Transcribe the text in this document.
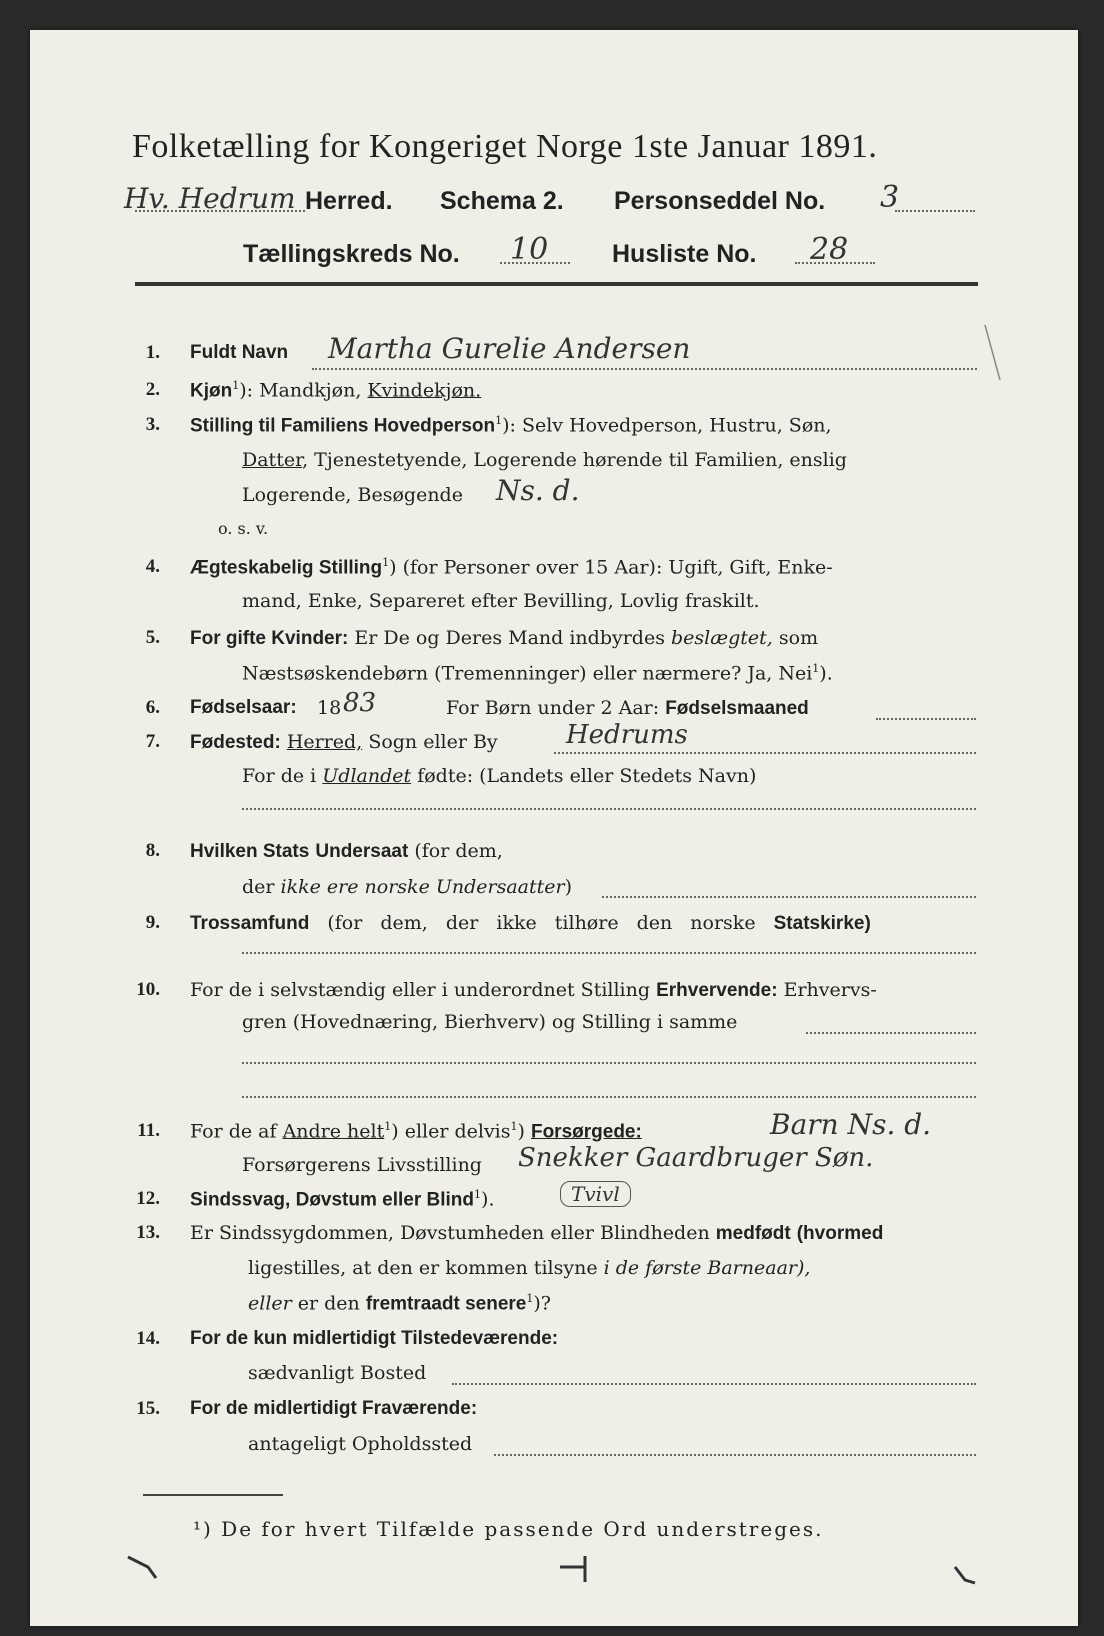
Folketælling for Kongeriget Norge 1ste Januar 1891.
Hv. Hedrum Herred. Schema 2. Personseddel No. 3
Tællingskreds No. 10	Husliste No. 28
1. Fuldt Navn Martha Gurelie Andersen
2. Kjøn$^1$): Mandkjøn, Kvindekjøn.
3. Stilling til Familiens Hovedperson$^1$): Selv Hovedperson, Hustru, Søn,
Datter, Tjenestetyende, Logerende hørende til Familien, enslig
Logerende, Besøgende Ns. d.
o. s. v.
4. Ægteskabelig Stilling$^1$) (for Personer over 15 Aar): Ugift, Gift, Enke-
mand, Enke, Separeret efter Bevilling, Lovlig fraskilt.
5. For gifte Kvinder: Er De og Deres Mand indbyrdes beslægtet, som
Næstsøskendebørn (Tremenninger) eller nærmere? Ja, Nei$^1$).
6. Fødselsaar: 18 83	For Børn under 2 Aar: Fødselsmaaned
7. Fødested: Herred, Sogn eller By	Hedrums
For de i Udlandet fødte: (Landets eller Stedets Navn)
8. Hvilken Stats Undersaat (for dem,
der ikke ere norske Undersaatter)
9. Trossamfund (for dem, der ikke tilhøre den norske Statskirke)
10. For de i selvstændig eller i underordnet Stilling Erhvervende: Erhvervs-
gren (Hovednæring, Bierhverv) og Stilling i samme
11. For de af Andre helt$^1$) eller delvis$^1$) Forsørgede:	Barn Ns. d.
Forsørgerens Livsstilling Snekker Gaardbruger Søn.
12. Sindssvag, Døvstum eller Blind$^1$).	Tvivl
13. Er Sindssygdommen, Døvstumheden eller Blindheden medfødt (hvormed
ligestilles, at den er kommen tilsyne i de første Barneaar),
eller er den fremtraadt senere$^1$)?
14. For de kun midlertidigt Tilstedeværende:
sædvanligt Bosted
15. For de midlertidigt Fraværende:
antageligt Opholdssted
¹) De for hvert Tilfælde passende Ord understreges.
